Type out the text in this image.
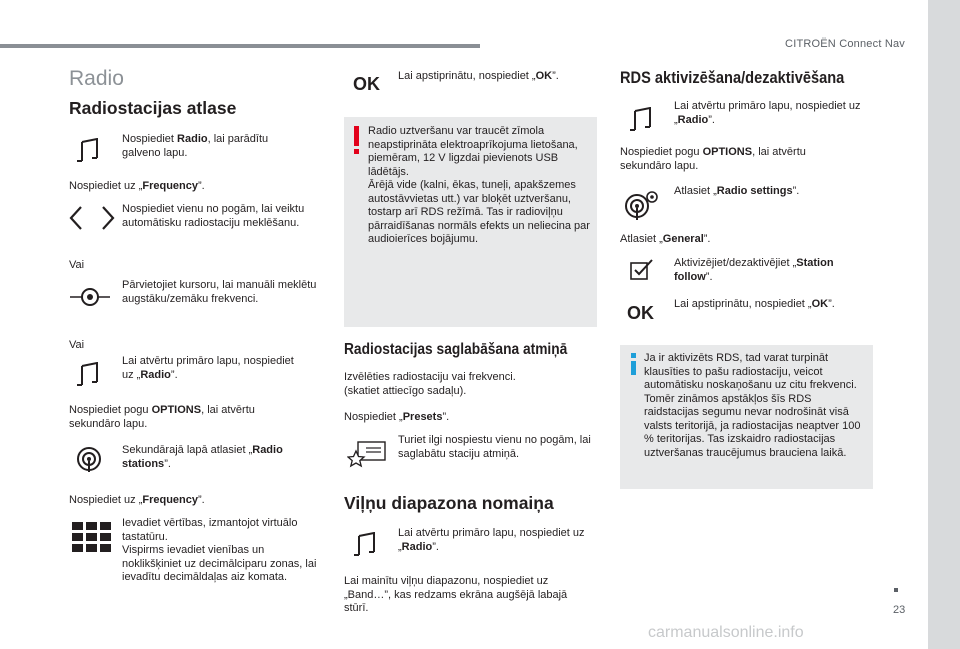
CITROËN Connect Nav
23
carmanualsonline.info
Radio
Radiostacijas atlase
Nospiediet Radio, lai parādītu galveno lapu.
Nospiediet uz „Frequency”.
Nospiediet vienu no pogām, lai veiktu automātisku radiostaciju meklēšanu.
Vai
Pārvietojiet kursoru, lai manuāli meklētu augstāku/zemāku frekvenci.
Vai
Lai atvērtu primāro lapu, nospiediet uz „Radio”.
Nospiediet pogu OPTIONS, lai atvērtu sekundāro lapu.
Sekundārajā lapā atlasiet „Radio stations”.
Nospiediet uz „Frequency”.
Ievadiet vērtības, izmantojot virtuālo tastatūru.
Vispirms ievadiet vienības un noklikšķiniet uz decimālciparu zonas, lai ievadītu decimāldaļas aiz komata.
OK Lai apstiprinātu, nospiediet „OK”.
Radio uztveršanu var traucēt zīmola neapstiprināta elektroaprīkojuma lietošana, piemēram, 12 V ligzdai pievienots USB lādētājs.
Ārējā vide (kalni, ēkas, tuneļi, apakšzemes autostāvvietas utt.) var bloķēt uztveršanu, tostarp arī RDS režīmā. Tas ir radioviļņu pārraidīšanas normāls efekts un neliecina par audioierīces bojājumu.
Radiostacijas saglabāšana atmiņā
Izvēlēties radiostaciju vai frekvenci.
(skatiet attiecīgo sadaļu).
Nospiediet „Presets”.
Turiet ilgi nospiestu vienu no pogām, lai saglabātu staciju atmiņā.
Viļņu diapazona nomaiņa
Lai atvērtu primāro lapu, nospiediet uz „Radio”.
Lai mainītu viļņu diapazonu, nospiediet uz „Band…”, kas redzams ekrāna augšējā labajā stūrī.
RDS aktivizēšana/dezaktivēšana
Lai atvērtu primāro lapu, nospiediet uz „Radio”.
Nospiediet pogu OPTIONS, lai atvērtu sekundāro lapu.
Atlasiet „Radio settings”.
Atlasiet „General”.
Aktivizējiet/dezaktivējiet „Station follow”.
OK Lai apstiprinātu, nospiediet „OK”.
Ja ir aktivizēts RDS, tad varat turpināt klausīties to pašu radiostaciju, veicot automātisku noskaņošanu uz citu frekvenci. Tomēr zināmos apstākļos šīs RDS raidstacijas segumu nevar nodrošināt visā valsts teritorijā, ja radiostacijas neaptver 100 % teritorijas. Tas izskaidro radiostacijas uztveršanas traucējumus brauciena laikā.
